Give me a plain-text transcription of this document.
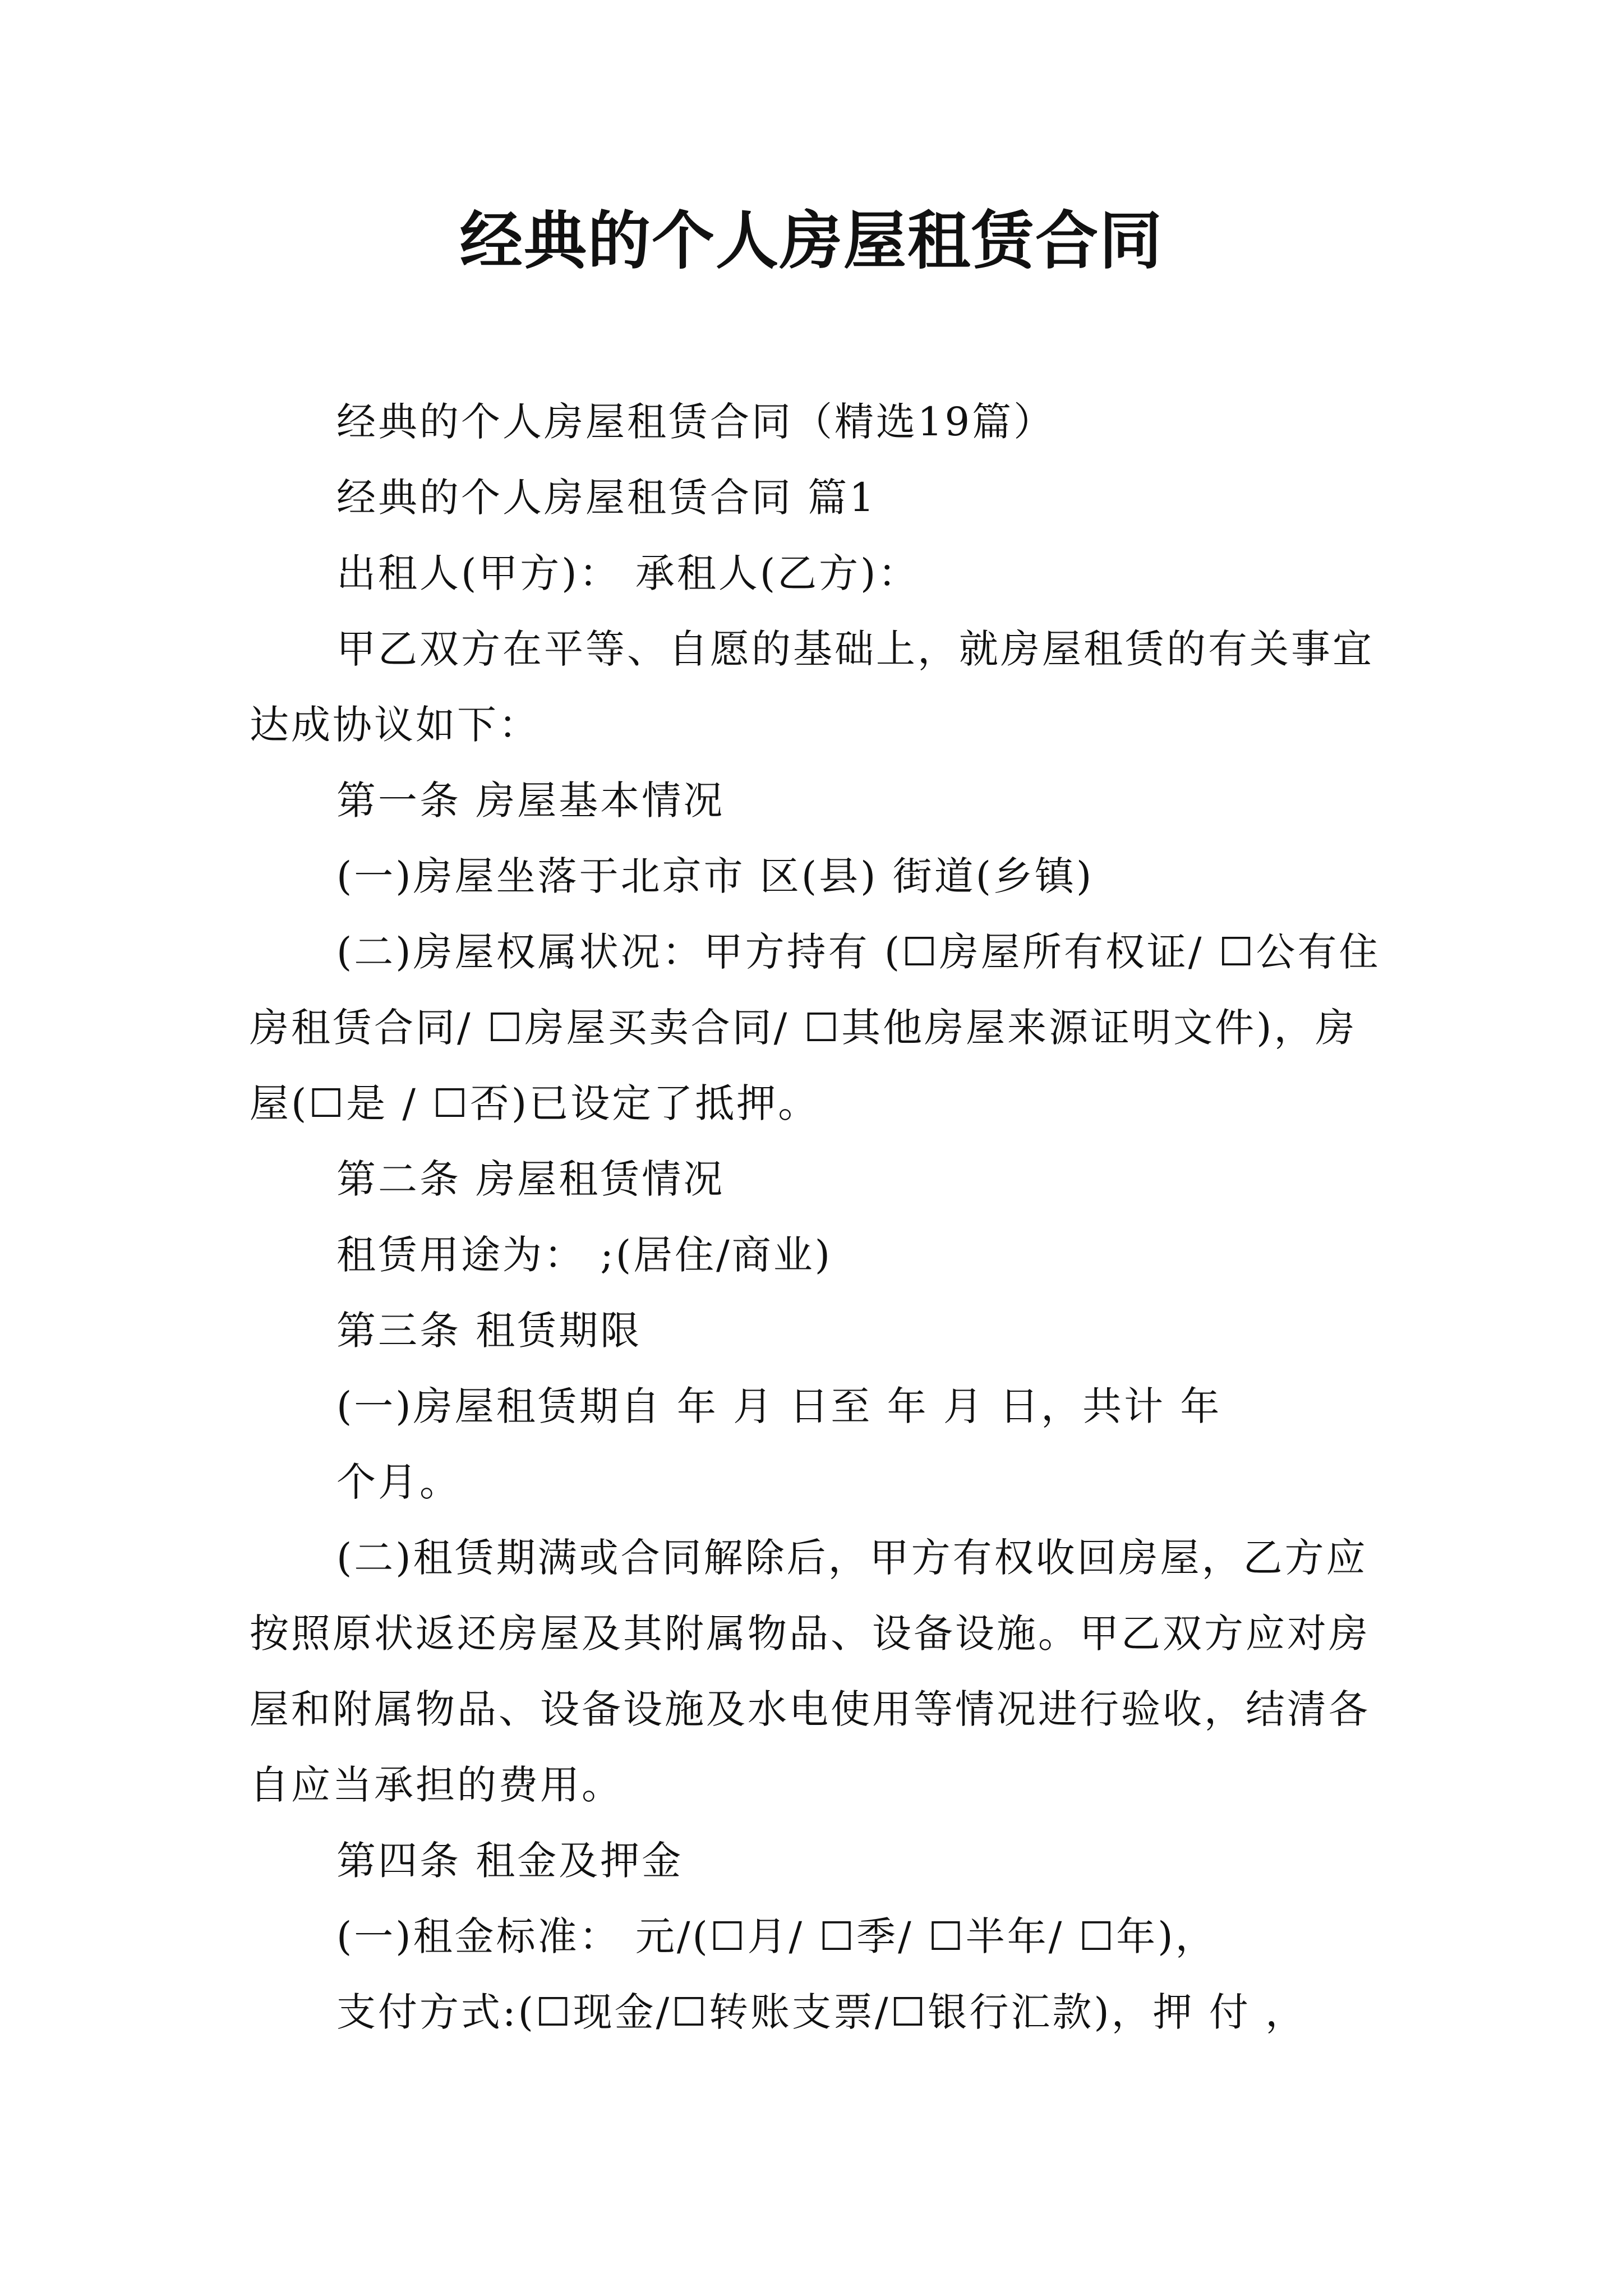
经典的个人房屋租赁合同

经典的个人房屋租赁合同（精选19篇）

经典的个人房屋租赁合同 篇1

出租人(甲方)： 承租人(乙方)：

甲乙双方在平等、自愿的基础上，就房屋租赁的有关事宜达成协议如下：

第一条 房屋基本情况

(一)房屋坐落于北京市 区(县) 街道(乡镇)

(二)房屋权属状况：甲方持有 (☐房屋所有权证/ ☐公有住房租赁合同/ ☐房屋买卖合同/ ☐其他房屋来源证明文件)，房屋(☐是 / ☐否)已设定了抵押。

第二条 房屋租赁情况

租赁用途为： ;(居住/商业)

第三条 租赁期限

(一)房屋租赁期自 年 月 日至 年 月 日，共计 年

个月。

(二)租赁期满或合同解除后，甲方有权收回房屋，乙方应按照原状返还房屋及其附属物品、设备设施。甲乙双方应对房屋和附属物品、设备设施及水电使用等情况进行验收，结清各自应当承担的费用。

第四条 租金及押金

(一)租金标准： 元/(☐月/ ☐季/ ☐半年/ ☐年)，

支付方式:(☐现金/☐转账支票/☐银行汇款)，押 付 ，
